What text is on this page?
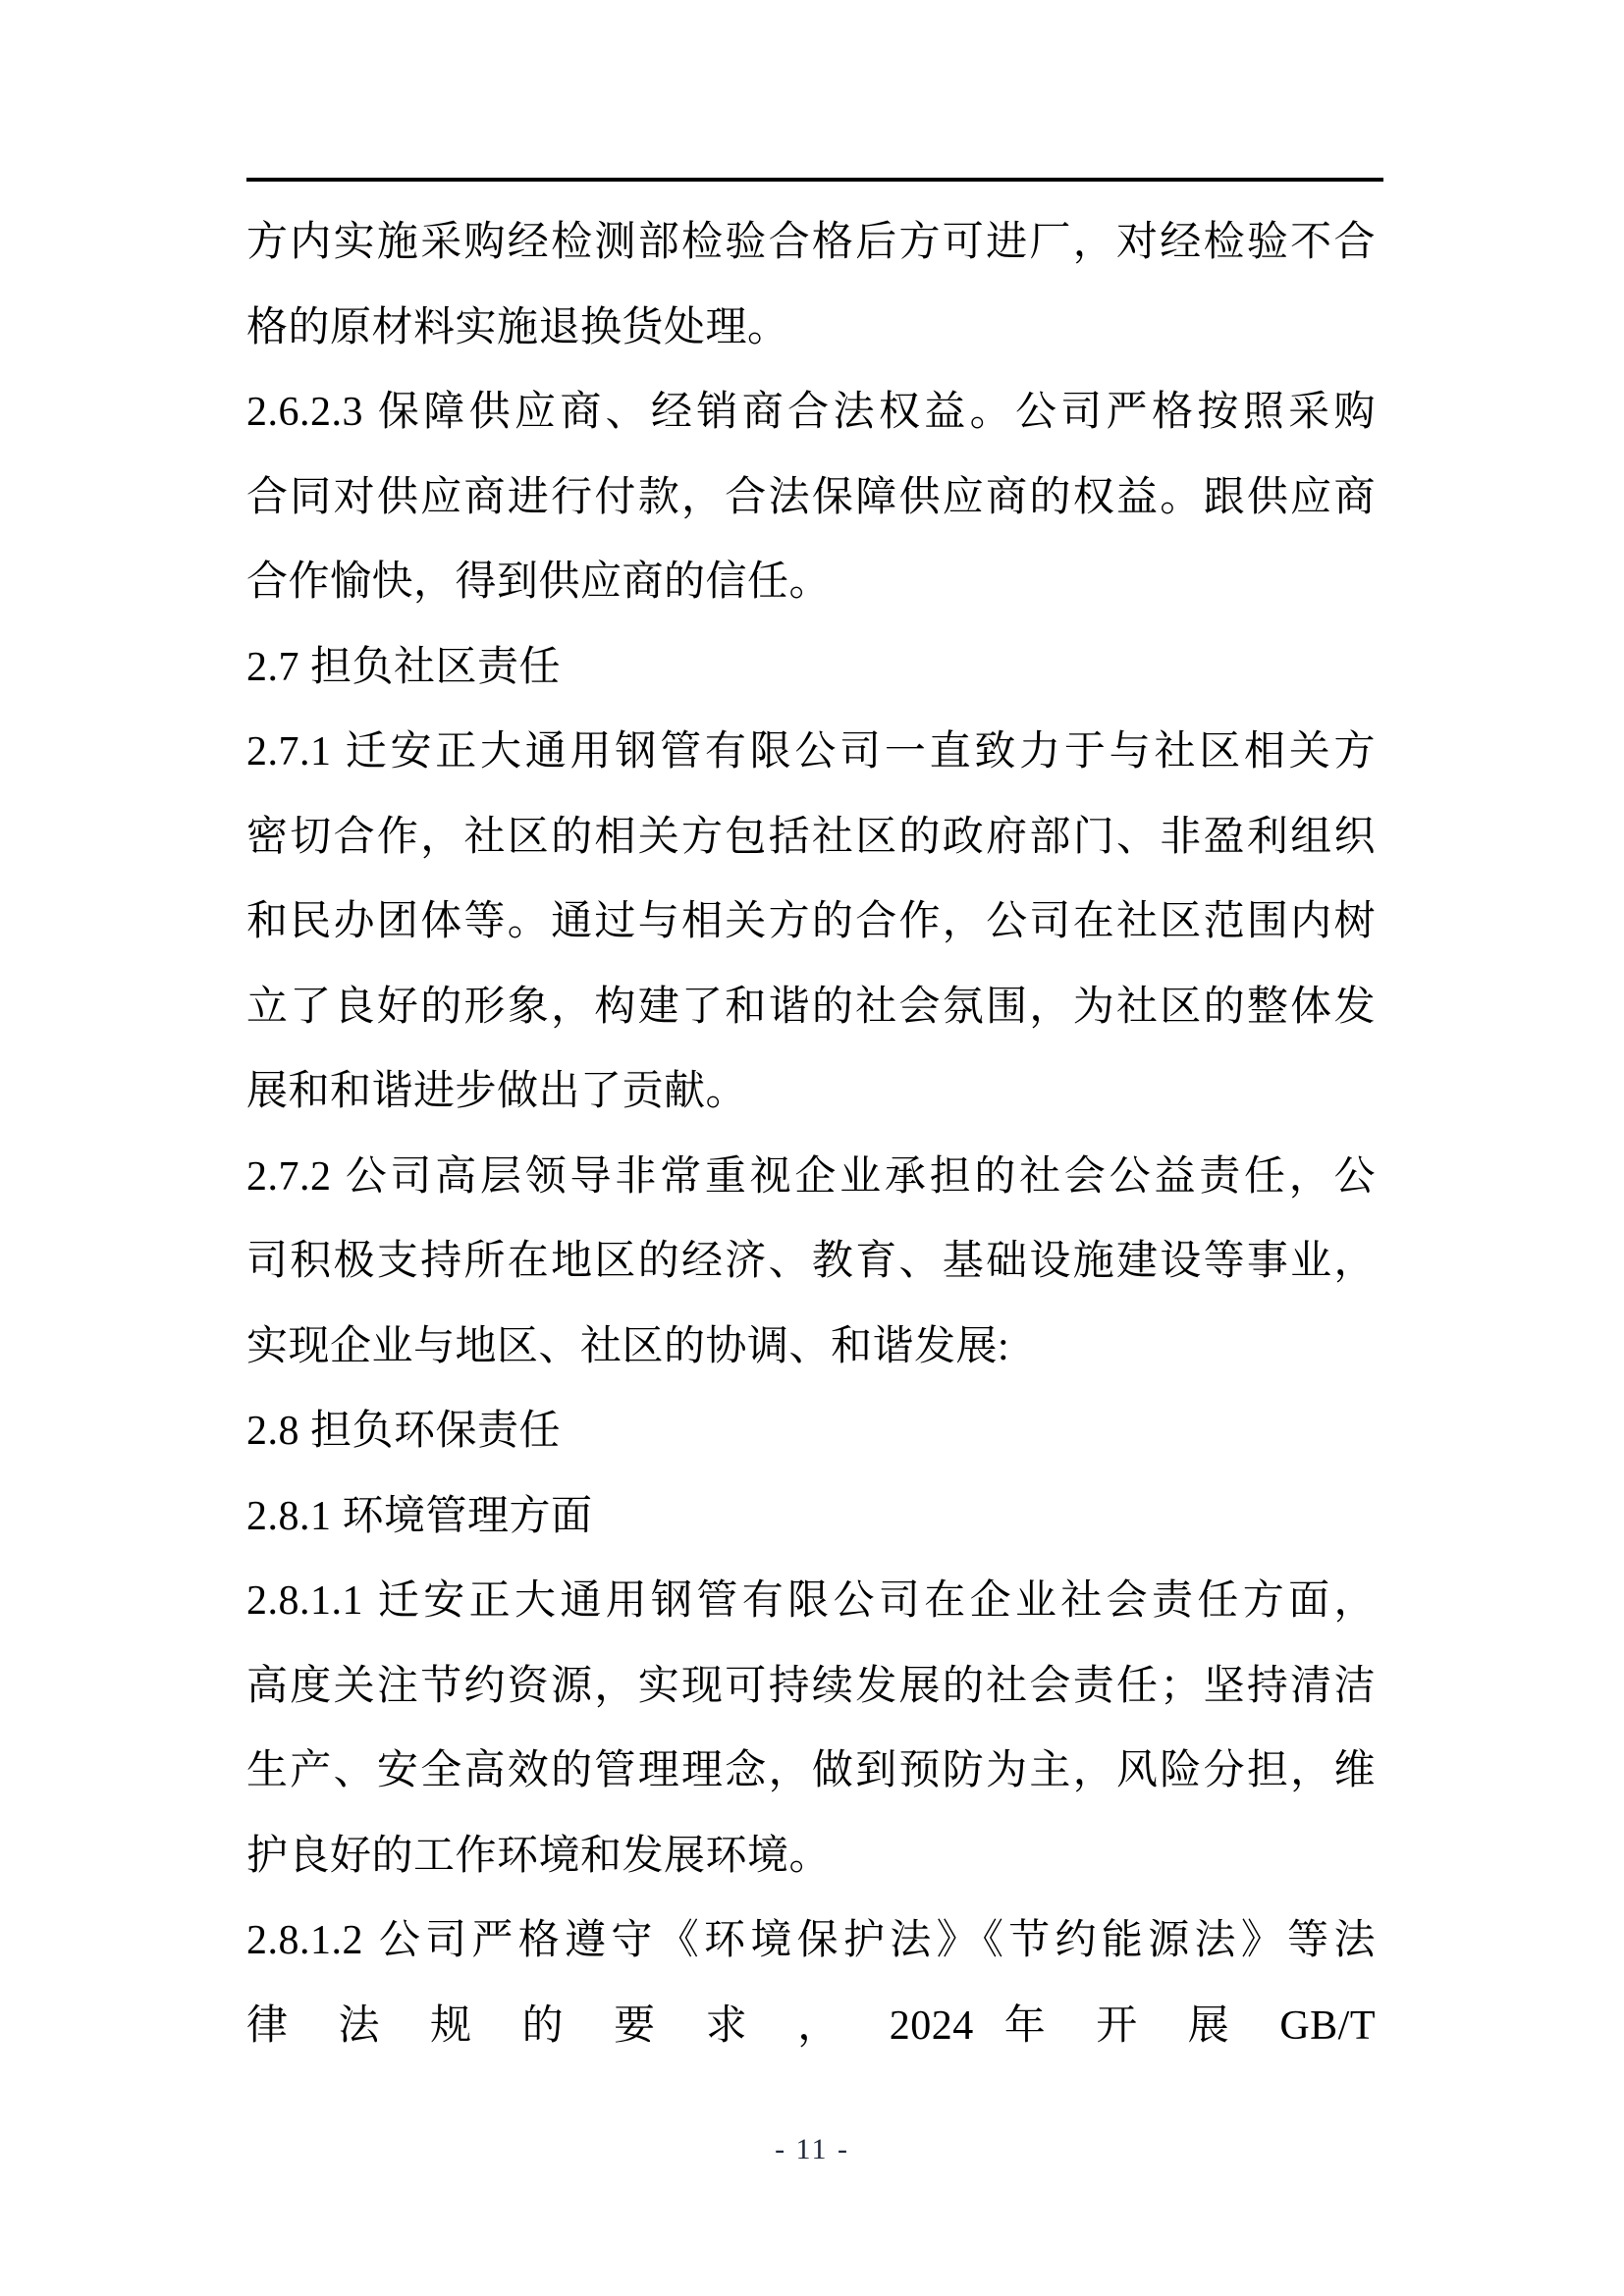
方内实施采购经检测部检验合格后方可进厂，对经检验不合
格的原材料实施退换货处理。
2.6.2.3 保障供应商、经销商合法权益。公司严格按照采购
合同对供应商进行付款，合法保障供应商的权益。跟供应商
合作愉快，得到供应商的信任。
2.7 担负社区责任
2.7.1 迁安正大通用钢管有限公司一直致力于与社区相关方
密切合作，社区的相关方包括社区的政府部门、非盈利组织
和民办团体等。通过与相关方的合作，公司在社区范围内树
立了良好的形象，构建了和谐的社会氛围，为社区的整体发
展和和谐进步做出了贡献。
2.7.2 公司高层领导非常重视企业承担的社会公益责任，公
司积极支持所在地区的经济、教育、基础设施建设等事业，
实现企业与地区、社区的协调、和谐发展:
2.8 担负环保责任
2.8.1 环境管理方面
2.8.1.1 迁安正大通用钢管有限公司在企业社会责任方面，
高度关注节约资源，实现可持续发展的社会责任；坚持清洁
生产、安全高效的管理理念，做到预防为主，风险分担，维
护良好的工作环境和发展环境。
2.8.1.2 公司严格遵守《环境保护法》《节约能源法》等法
律 法 规 的 要 求 ， 2024 年 开 展 GB/T
- 11 -
